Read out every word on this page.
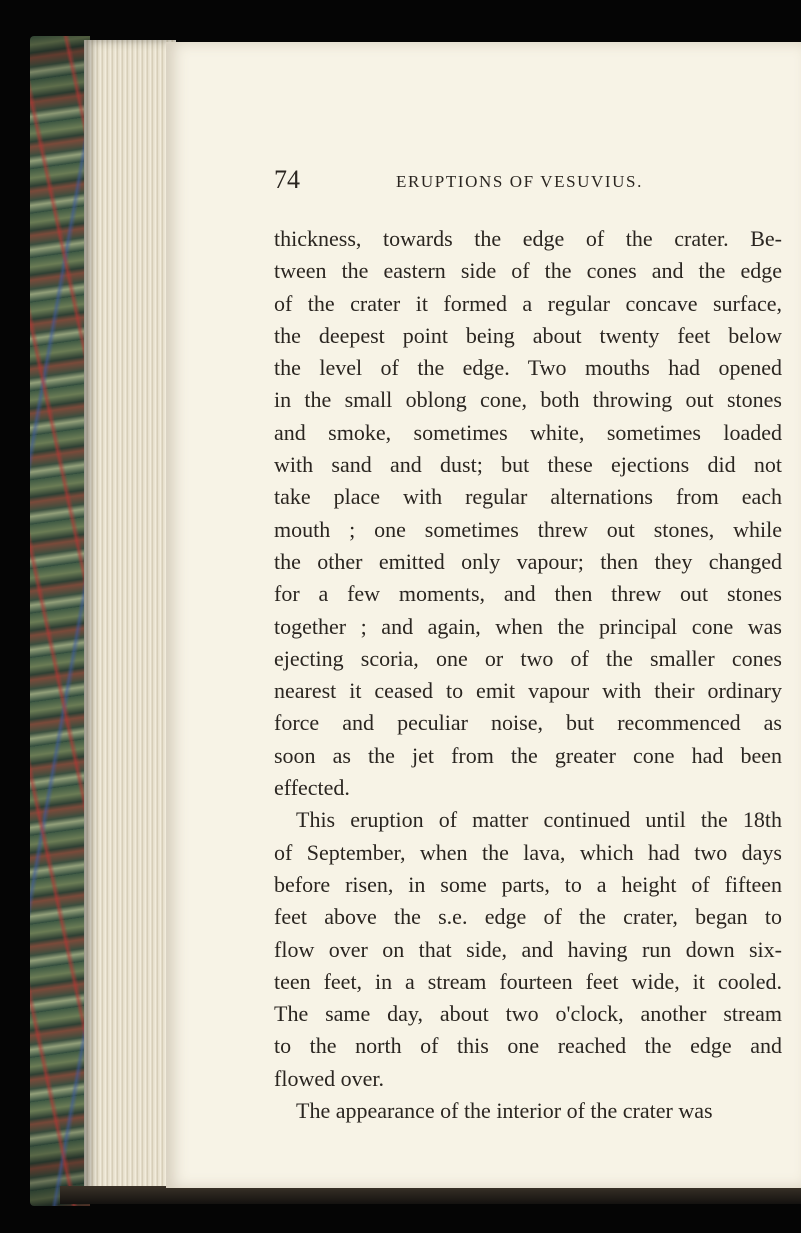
74	ERUPTIONS OF VESUVIUS.
thickness, towards the edge of the crater. Be-
tween the eastern side of the cones and the edge
of the crater it formed a regular concave surface,
the deepest point being about twenty feet below
the level of the edge. Two mouths had opened
in the small oblong cone, both throwing out stones
and smoke, sometimes white, sometimes loaded
with sand and dust; but these ejections did not
take place with regular alternations from each
mouth ; one sometimes threw out stones, while
the other emitted only vapour; then they changed
for a few moments, and then threw out stones
together ; and again, when the principal cone was
ejecting scoria, one or two of the smaller cones
nearest it ceased to emit vapour with their ordinary
force and peculiar noise, but recommenced as
soon as the jet from the greater cone had been
effected.
This eruption of matter continued until the 18th
of September, when the lava, which had two days
before risen, in some parts, to a height of fifteen
feet above the s.e. edge of the crater, began to
flow over on that side, and having run down six-
teen feet, in a stream fourteen feet wide, it cooled.
The same day, about two o'clock, another stream
to the north of this one reached the edge and
flowed over.
The appearance of the interior of the crater was
